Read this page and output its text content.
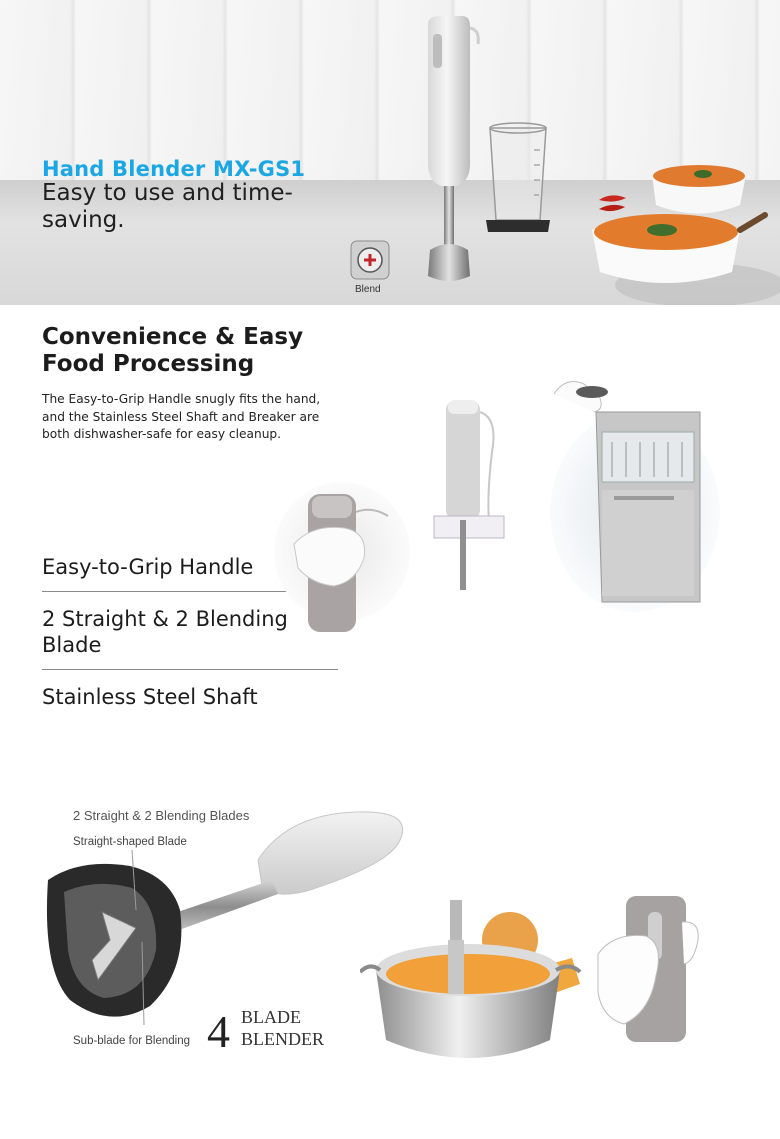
Hand Blender MX-GS1

Easy to use and time-saving.

Blend
Convenience & Easy Food Processing

The Easy-to-Grip Handle snugly fits the hand, and the Stainless Steel Shaft and Breaker are both dishwasher-safe for easy cleanup.

Easy-to-Grip Handle
2 Straight & 2 Blending Blade
Stainless Steel Shaft

2 Straight & 2 Blending Blades

Straight-shaped Blade
Sub-blade for Blending 4 BLADE
BLENDER
